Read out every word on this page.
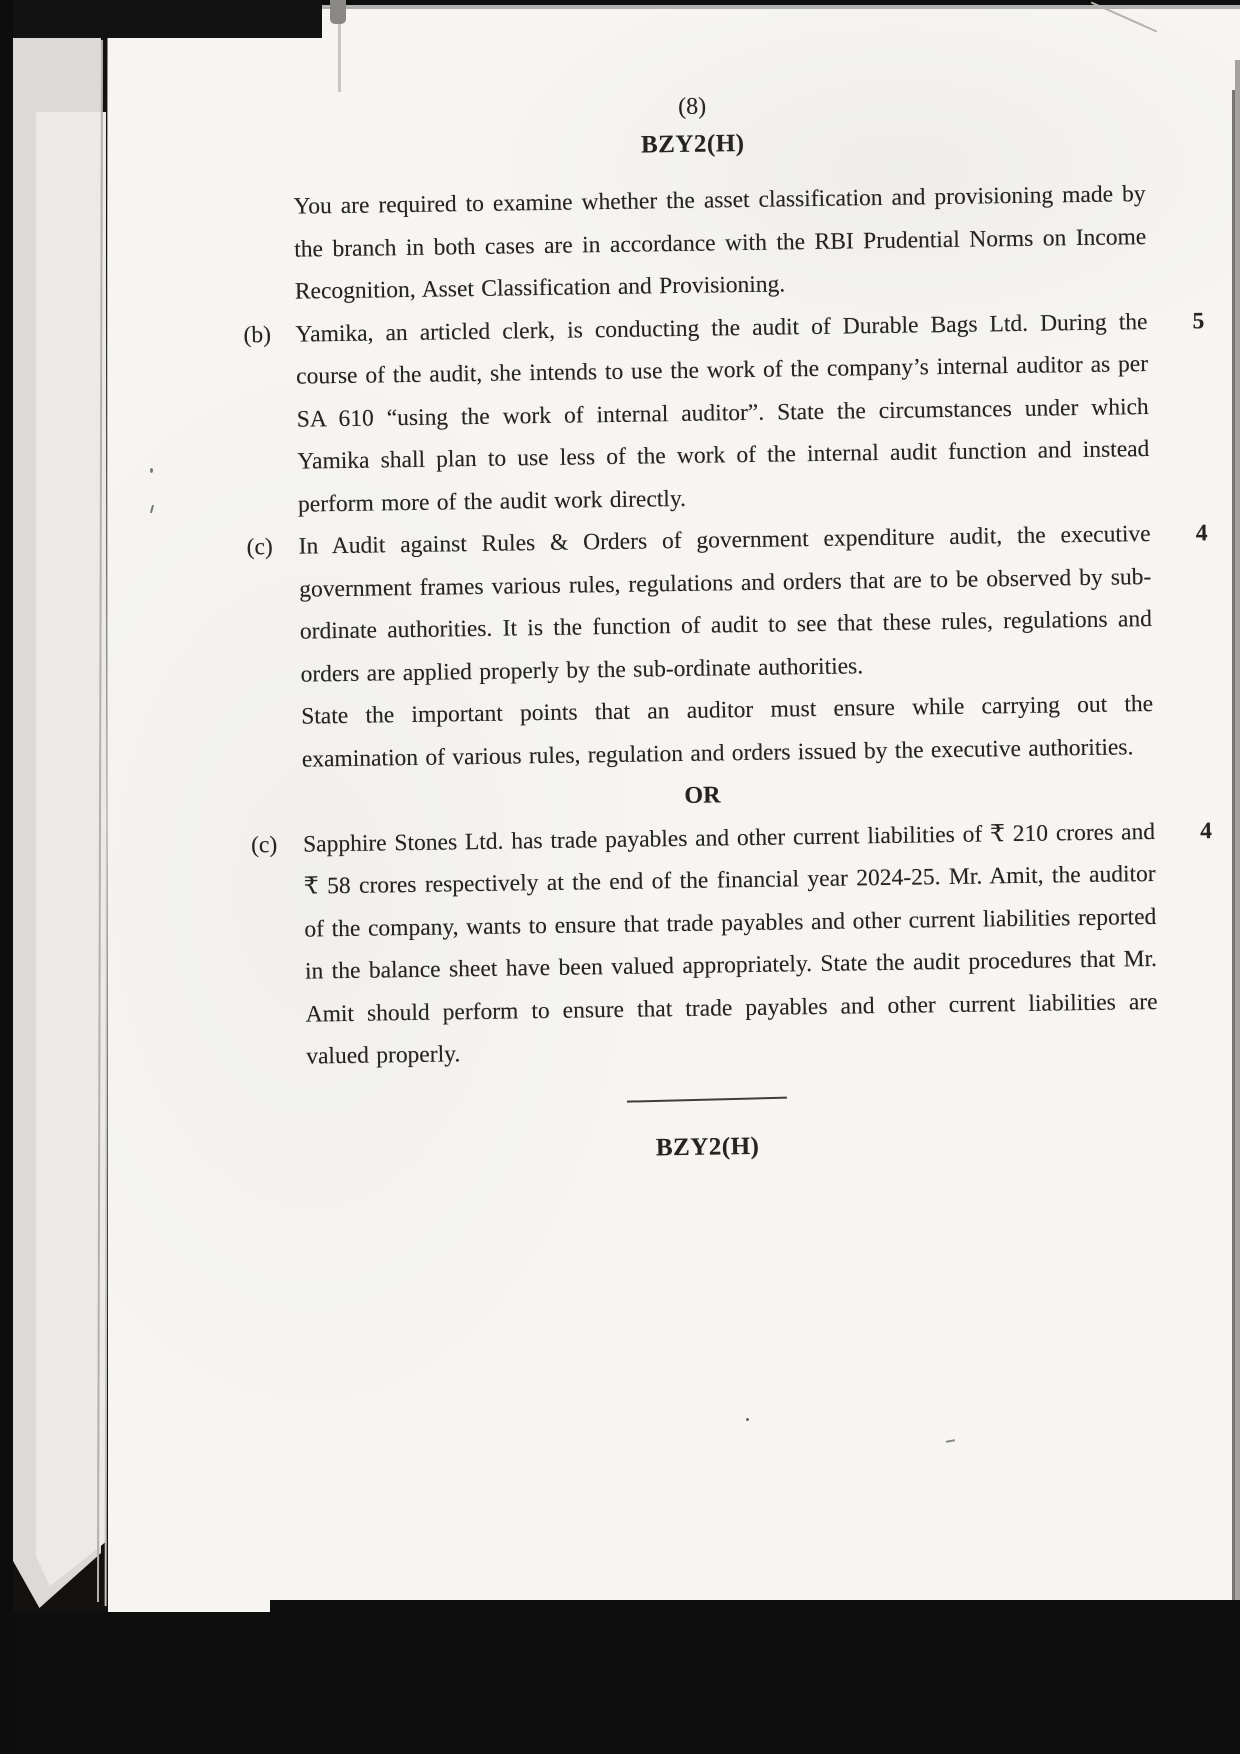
(8)
BZY2(H)
You are required to examine whether the asset classification and provisioning made by the branch in both cases are in accordance with the RBI Prudential Norms on Income Recognition, Asset Classification and Provisioning.
(b)	Yamika, an articled clerk, is conducting the audit of Durable Bags Ltd. During the course of the audit, she intends to use the work of the company’s internal auditor as per SA 610 “using the work of internal auditor”. State the circumstances under which Yamika shall plan to use less of the work of the internal audit function and instead perform more of the audit work directly.
5
(c)	In Audit against Rules & Orders of government expenditure audit, the executive government frames various rules, regulations and orders that are to be observed by sub-ordinate authorities. It is the function of audit to see that these rules, regulations and orders are applied properly by the sub-ordinate authorities.
4
State the important points that an auditor must ensure while carrying out the examination of various rules, regulation and orders issued by the executive authorities.
OR
(c)	Sapphire Stones Ltd. has trade payables and other current liabilities of ₹ 210 crores and ₹ 58 crores respectively at the end of the financial year 2024-25. Mr. Amit, the auditor of the company, wants to ensure that trade payables and other current liabilities reported in the balance sheet have been valued appropriately. State the audit procedures that Mr. Amit should perform to ensure that trade payables and other current liabilities are valued properly.
4
BZY2(H)
